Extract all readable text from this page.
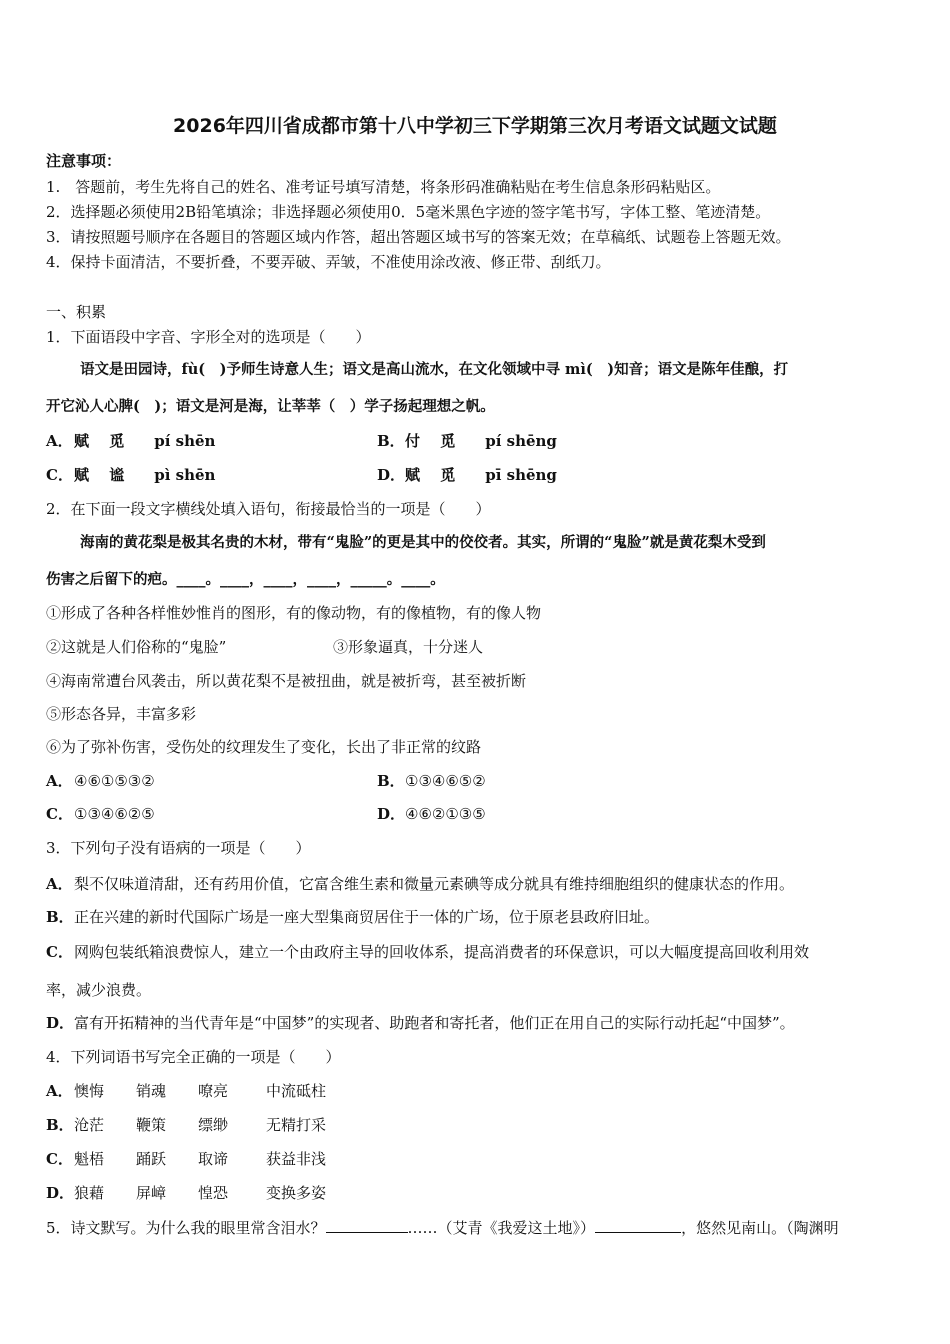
2026年四川省成都市第十八中学初三下学期第三次月考语文试题文试题
注意事项：
1.　答题前，考生先将自己的姓名、准考证号填写清楚，将条形码准确粘贴在考生信息条形码粘贴区。
2．选择题必须使用2B铅笔填涂；非选择题必须使用0．5毫米黑色字迹的签字笔书写，字体工整、笔迹清楚。
3．请按照题号顺序在各题目的答题区域内作答，超出答题区域书写的答案无效；在草稿纸、试题卷上答题无效。
4．保持卡面清洁，不要折叠，不要弄破、弄皱，不准使用涂改液、修正带、刮纸刀。
一、积累
1．下面语段中字音、字形全对的选项是（　　）
语文是田园诗，fù(　)予师生诗意人生；语文是高山流水，在文化领域中寻 mì(　)知音；语文是陈年佳酿，打
开它沁人心脾(　)；语文是河是海，让莘莘（　）学子扬起理想之帆。
A．赋　 觅　　pí shēn	B．付　 觅　　pí shēng
C．赋　 谧　　pì shēn	D．赋　 觅　　pī shēng
2．在下面一段文字横线处填入语句，衔接最恰当的一项是（　　）
海南的黄花梨是极其名贵的木材，带有“鬼脸”的更是其中的佼佼者。其实，所谓的“鬼脸”就是黄花梨木受到
伤害之后留下的疤。____。____，____，____，_____。____。
①形成了各种各样惟妙惟肖的图形，有的像动物，有的像植物，有的像人物
②这就是人们俗称的“鬼脸”	③形象逼真，十分迷人
④海南常遭台风袭击，所以黄花梨不是被扭曲，就是被折弯，甚至被折断
⑤形态各异，丰富多彩
⑥为了弥补伤害，受伤处的纹理发生了变化，长出了非正常的纹路
A．④⑥①⑤③②	B．①③④⑥⑤②
C．①③④⑥②⑤	D．④⑥②①③⑤
3．下列句子没有语病的一项是（　　）
A．梨不仅味道清甜，还有药用价值，它富含维生素和微量元素碘等成分就具有维持细胞组织的健康状态的作用。
B．正在兴建的新时代国际广场是一座大型集商贸居住于一体的广场，位于原老县政府旧址。
C．网购包装纸箱浪费惊人，建立一个由政府主导的回收体系，提高消费者的环保意识，可以大幅度提高回收利用效
率，减少浪费。
D．富有开拓精神的当代青年是“中国梦”的实现者、助跑者和寄托者，他们正在用自己的实际行动托起“中国梦”。
4．下列词语书写完全正确的一项是（　　）
A．懊悔 销魂 嘹亮	中流砥柱
B．沧茫 鞭策 缥缈	无精打采
C．魁梧 踊跃 取谛	获益非浅
D．狼藉 屏嶂 惶恐	变换多姿
5．诗文默写。为什么我的眼里常含泪水？	……（艾青《我爱这土地》）	，悠然见南山。（陶渊明
